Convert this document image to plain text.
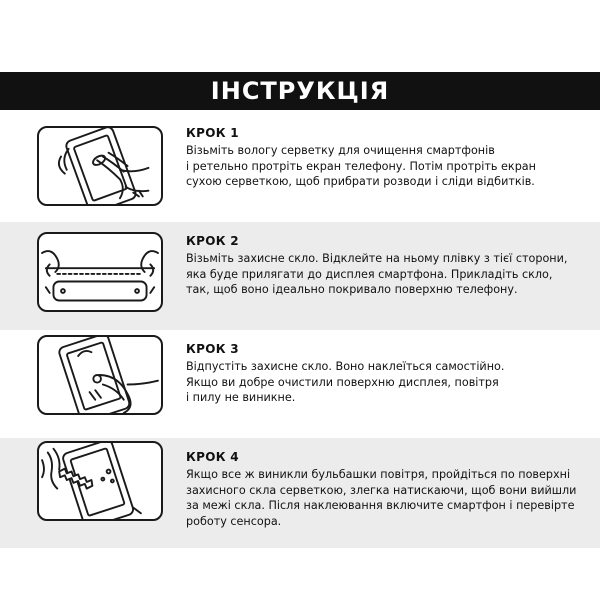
ІНСТРУКЦІЯ

КРОК 1

Візьміть вологу серветку для очищення смартфонів

і ретельно протріть екран телефону. Потім протріть екран

сухою серветкою, щоб прибрати розводи і сліди відбитків.

КРОК 2

Візьміть захисне скло. Відклейте на ньому плівку з тієї сторони,

яка буде прилягати до дисплея смартфона. Прикладіть скло,

так, щоб воно ідеально покривало поверхню телефону.

КРОК 3

Відпустіть захисне скло. Воно наклеїться самостійно.

Якщо ви добре очистили поверхню дисплея, повітря

і пилу не виникне.

КРОК 4

Якщо все ж виникли бульбашки повітря, пройдіться по поверхні

захисного скла серветкою, злегка натискаючи, щоб вони вийшли

за межі скла. Після наклеювання включите смартфон і перевірте

роботу сенсора.
